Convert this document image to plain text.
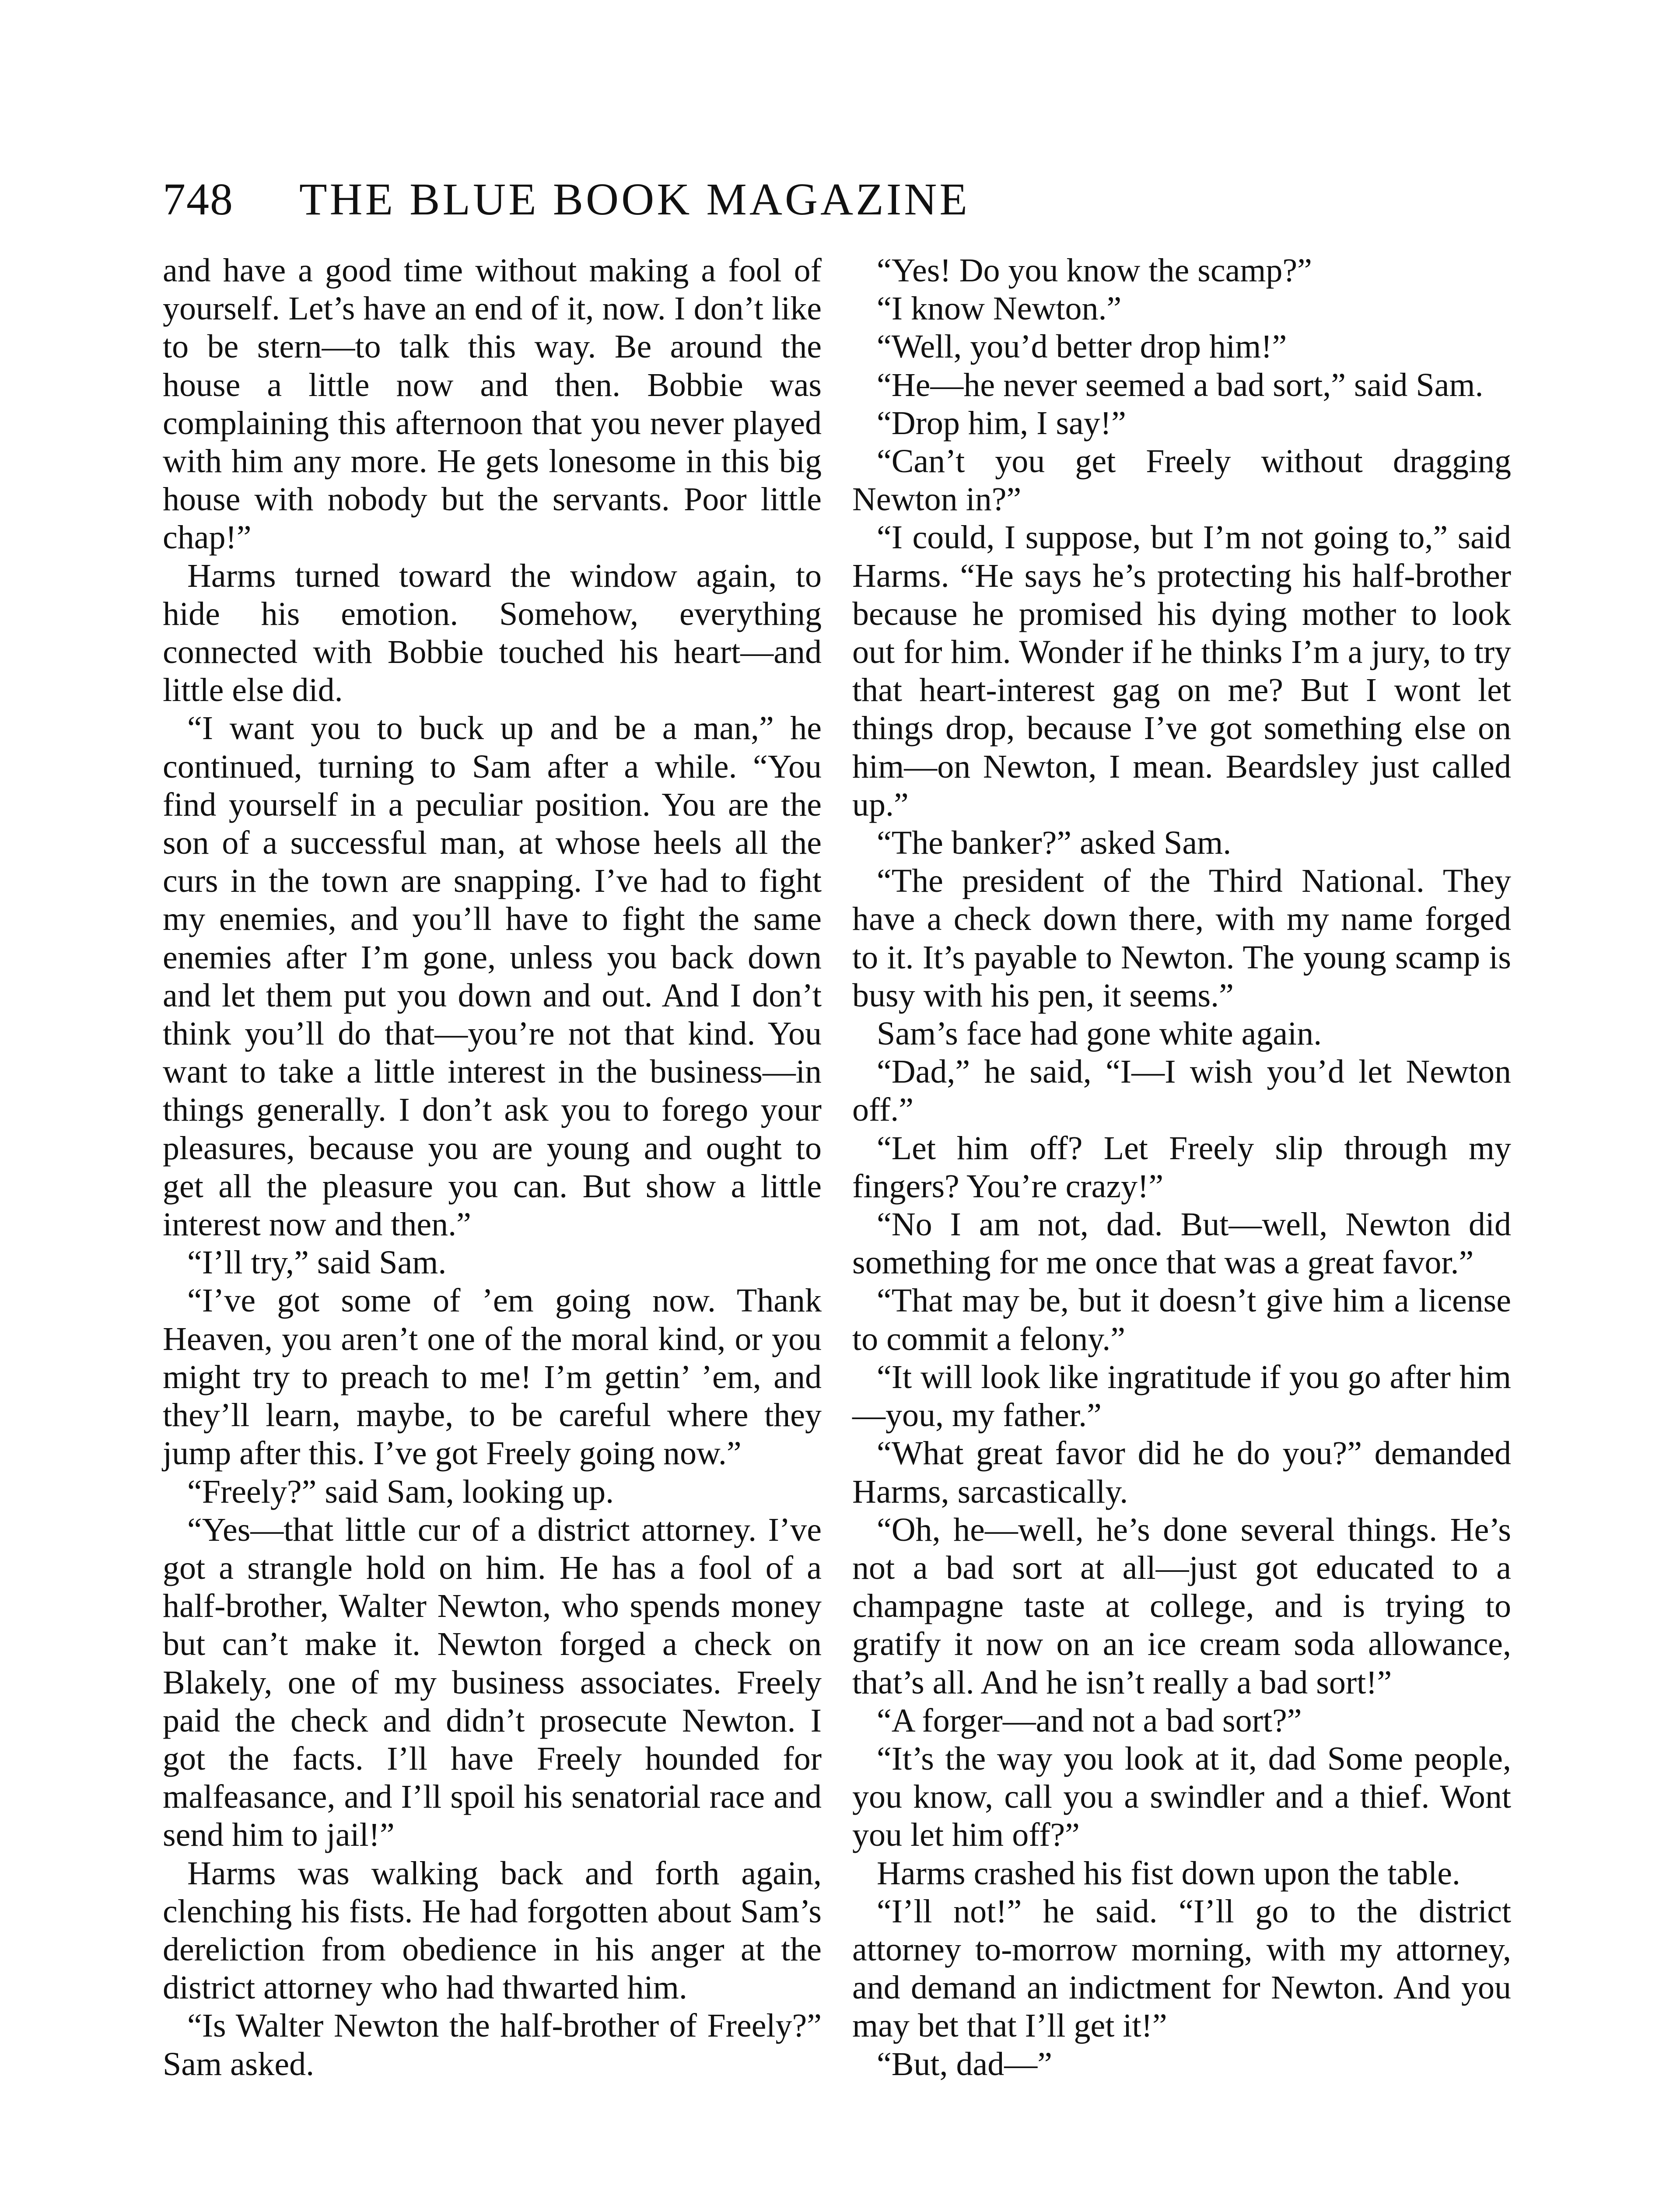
748 THE BLUE BOOK MAGAZINE

and have a good time without making a fool of yourself. Let’s have an end of it, now. I don’t like to be stern—to talk this way. Be around the house a little now and then. Bobbie was complaining this afternoon that you never played with him any more. He gets lonesome in this big house with nobody but the servants. Poor little chap!”

Harms turned toward the window again, to hide his emotion. Somehow, everything connected with Bobbie touched his heart—and little else did.

“I want you to buck up and be a man,” he continued, turning to Sam after a while. “You find yourself in a peculiar position. You are the son of a successful man, at whose heels all the curs in the town are snapping. I’ve had to fight my enemies, and you’ll have to fight the same enemies after I’m gone, unless you back down and let them put you down and out. And I don’t think you’ll do that—you’re not that kind. You want to take a little interest in the business—in things generally. I don’t ask you to forego your pleasures, because you are young and ought to get all the pleasure you can. But show a little interest now and then.”

“I’ll try,” said Sam.

“I’ve got some of ’em going now. Thank Heaven, you aren’t one of the moral kind, or you might try to preach to me! I’m gettin’ ’em, and they’ll learn, maybe, to be careful where they jump after this. I’ve got Freely going now.”

“Freely?” said Sam, looking up.

“Yes—that little cur of a district attorney. I’ve got a strangle hold on him. He has a fool of a half-brother, Walter Newton, who spends money but can’t make it. Newton forged a check on Blakely, one of my business associates. Freely paid the check and didn’t prosecute Newton. I got the facts. I’ll have Freely hounded for malfeasance, and I’ll spoil his senatorial race and send him to jail!”

Harms was walking back and forth again, clenching his fists. He had forgotten about Sam’s dereliction from obedience in his anger at the district attorney who had thwarted him.

“Is Walter Newton the half-brother of Freely?” Sam asked.

“Yes! Do you know the scamp?”

“I know Newton.”

“Well, you’d better drop him!”

“He—he never seemed a bad sort,” said Sam.

“Drop him, I say!”

“Can’t you get Freely without dragging Newton in?”

“I could, I suppose, but I’m not going to,” said Harms. “He says he’s protecting his half-brother because he promised his dying mother to look out for him. Wonder if he thinks I’m a jury, to try that heart-interest gag on me? But I wont let things drop, because I’ve got something else on him—on Newton, I mean. Beardsley just called up.”

“The banker?” asked Sam.

“The president of the Third National. They have a check down there, with my name forged to it. It’s payable to Newton. The young scamp is busy with his pen, it seems.”

Sam’s face had gone white again.

“Dad,” he said, “I—I wish you’d let Newton off.”

“Let him off? Let Freely slip through my fingers? You’re crazy!”

“No I am not, dad. But—well, Newton did something for me once that was a great favor.”

“That may be, but it doesn’t give him a license to commit a felony.”

“It will look like ingratitude if you go after him—you, my father.”

“What great favor did he do you?” demanded Harms, sarcastically.

“Oh, he—well, he’s done several things. He’s not a bad sort at all—just got educated to a champagne taste at college, and is trying to gratify it now on an ice cream soda allowance, that’s all. And he isn’t really a bad sort!”

“A forger—and not a bad sort?”

“It’s the way you look at it, dad Some people, you know, call you a swindler and a thief. Wont you let him off?”

Harms crashed his fist down upon the table.

“I’ll not!” he said. “I’ll go to the district attorney to-morrow morning, with my attorney, and demand an indictment for Newton. And you may bet that I’ll get it!”

“But, dad—”
